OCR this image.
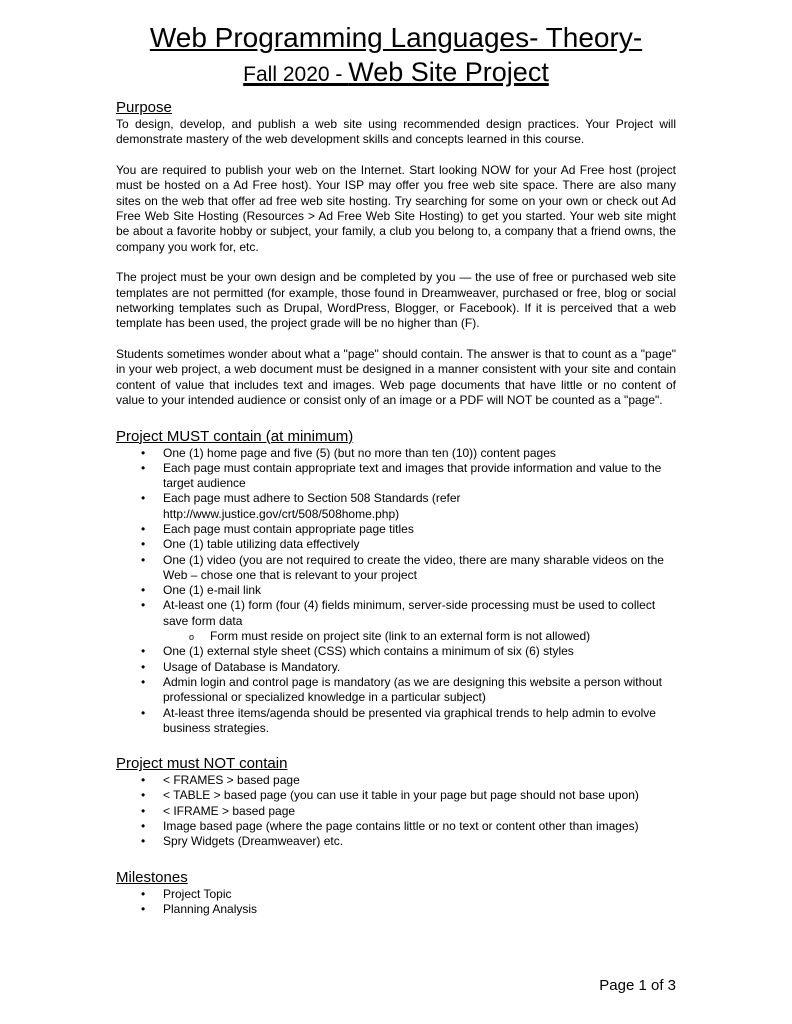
Web Programming Languages- Theory-
Fall 2020 - Web Site Project
Purpose

To design, develop, and publish a web site using recommended design practices. Your Project will demonstrate mastery of the web development skills and concepts learned in this course.

You are required to publish your web on the Internet. Start looking NOW for your Ad Free host (project must be hosted on a Ad Free host). Your ISP may offer you free web site space. There are also many sites on the web that offer ad free web site hosting. Try searching for some on your own or check out Ad Free Web Site Hosting (Resources > Ad Free Web Site Hosting) to get you started. Your web site might be about a favorite hobby or subject, your family, a club you belong to, a company that a friend owns, the company you work for, etc.

The project must be your own design and be completed by you — the use of free or purchased web site templates are not permitted (for example, those found in Dreamweaver, purchased or free, blog or social networking templates such as Drupal, WordPress, Blogger, or Facebook). If it is perceived that a web template has been used, the project grade will be no higher than (F).

Students sometimes wonder about what a "page" should contain. The answer is that to count as a "page" in your web project, a web document must be designed in a manner consistent with your site and contain content of value that includes text and images. Web page documents that have little or no content of value to your intended audience or consist only of an image or a PDF will NOT be counted as a "page".

Project MUST contain (at minimum)
• One (1) home page and five (5) (but no more than ten (10)) content pages
• Each page must contain appropriate text and images that provide information and value to the target audience
• Each page must adhere to Section 508 Standards (refer http://www.justice.gov/crt/508/508home.php)
• Each page must contain appropriate page titles
• One (1) table utilizing data effectively
• One (1) video (you are not required to create the video, there are many sharable videos on the Web – chose one that is relevant to your project
• One (1) e-mail link
• At-least one (1) form (four (4) fields minimum, server-side processing must be used to collect save form data
o Form must reside on project site (link to an external form is not allowed)
• One (1) external style sheet (CSS) which contains a minimum of six (6) styles
• Usage of Database is Mandatory.
• Admin login and control page is mandatory (as we are designing this website a person without professional or specialized knowledge in a particular subject)
• At-least three items/agenda should be presented via graphical trends to help admin to evolve business strategies.
Project must NOT contain
• < FRAMES > based page
• < TABLE > based page (you can use it table in your page but page should not base upon)
• < IFRAME > based page
• Image based page (where the page contains little or no text or content other than images)
• Spry Widgets (Dreamweaver) etc.
Milestones
• Project Topic
• Planning Analysis
Page 1 of 3
